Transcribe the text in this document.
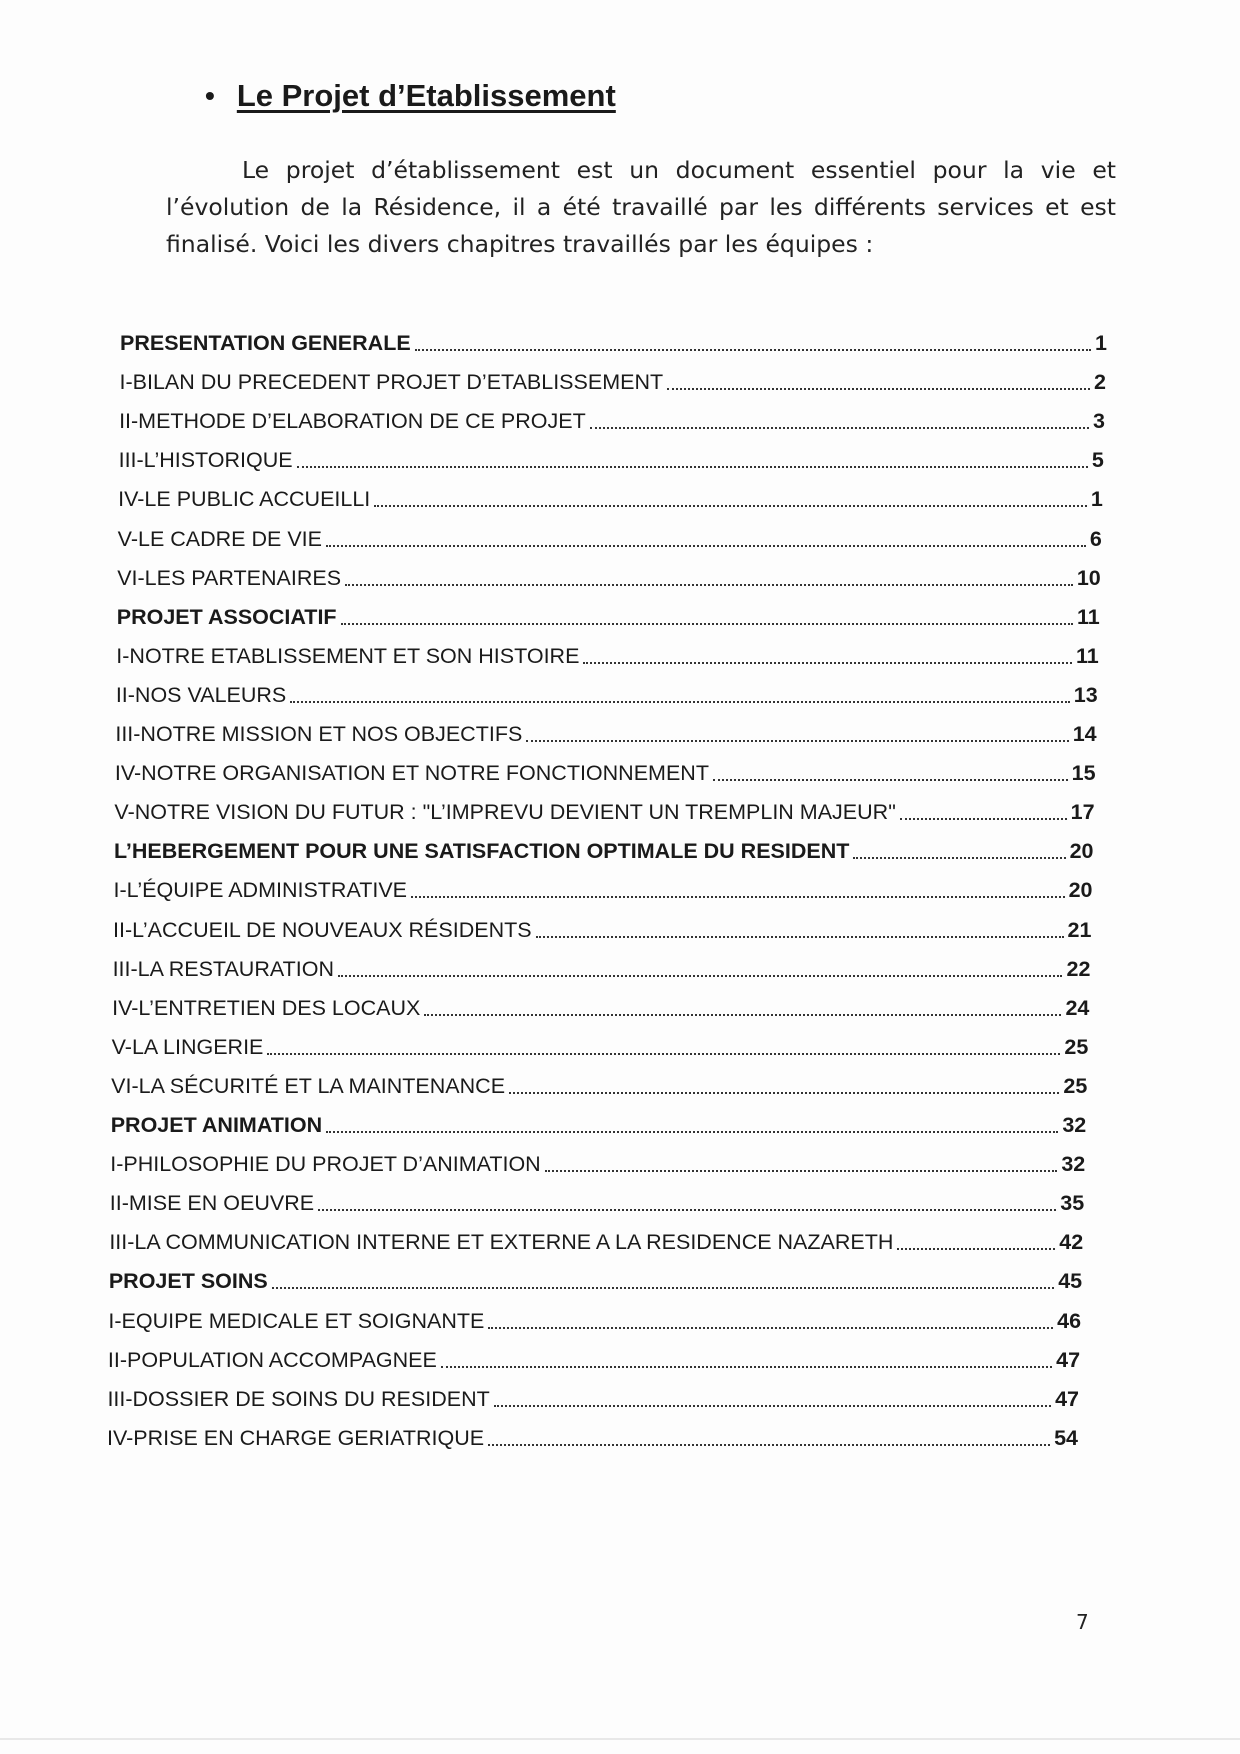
• Le Projet d’Etablissement

Le projet d’établissement est un document essentiel pour la vie et l’évolution de la Résidence, il a été travaillé par les différents services et est finalisé. Voici les divers chapitres travaillés par les équipes :

PRESENTATION GENERALE	1
I-BILAN DU PRECEDENT PROJET D’ETABLISSEMENT	2
II-METHODE D’ELABORATION DE CE PROJET	3
III-L’HISTORIQUE	5
IV-LE PUBLIC ACCUEILLI	1
V-LE CADRE DE VIE	6
VI-LES PARTENAIRES	10
PROJET ASSOCIATIF	11
I-NOTRE ETABLISSEMENT ET SON HISTOIRE	11
II-NOS VALEURS	13
III-NOTRE MISSION ET NOS OBJECTIFS	14
IV-NOTRE ORGANISATION ET NOTRE FONCTIONNEMENT	15
V-NOTRE VISION DU FUTUR : "L’IMPREVU DEVIENT UN TREMPLIN MAJEUR"	17
L’HEBERGEMENT POUR UNE SATISFACTION OPTIMALE DU RESIDENT	20
I-L’ÉQUIPE ADMINISTRATIVE	20
II-L’ACCUEIL DE NOUVEAUX RÉSIDENTS	21
III-LA RESTAURATION	22
IV-L’ENTRETIEN DES LOCAUX	24
V-LA LINGERIE	25
VI-LA SÉCURITÉ ET LA MAINTENANCE	25
PROJET ANIMATION	32
I-PHILOSOPHIE DU PROJET D’ANIMATION	32
II-MISE EN OEUVRE	35
III-LA COMMUNICATION INTERNE ET EXTERNE A LA RESIDENCE NAZARETH	42
PROJET SOINS	45
I-EQUIPE MEDICALE ET SOIGNANTE	46
II-POPULATION ACCOMPAGNEE	47
III-DOSSIER DE SOINS DU RESIDENT	47
IV-PRISE EN CHARGE GERIATRIQUE	54
7
